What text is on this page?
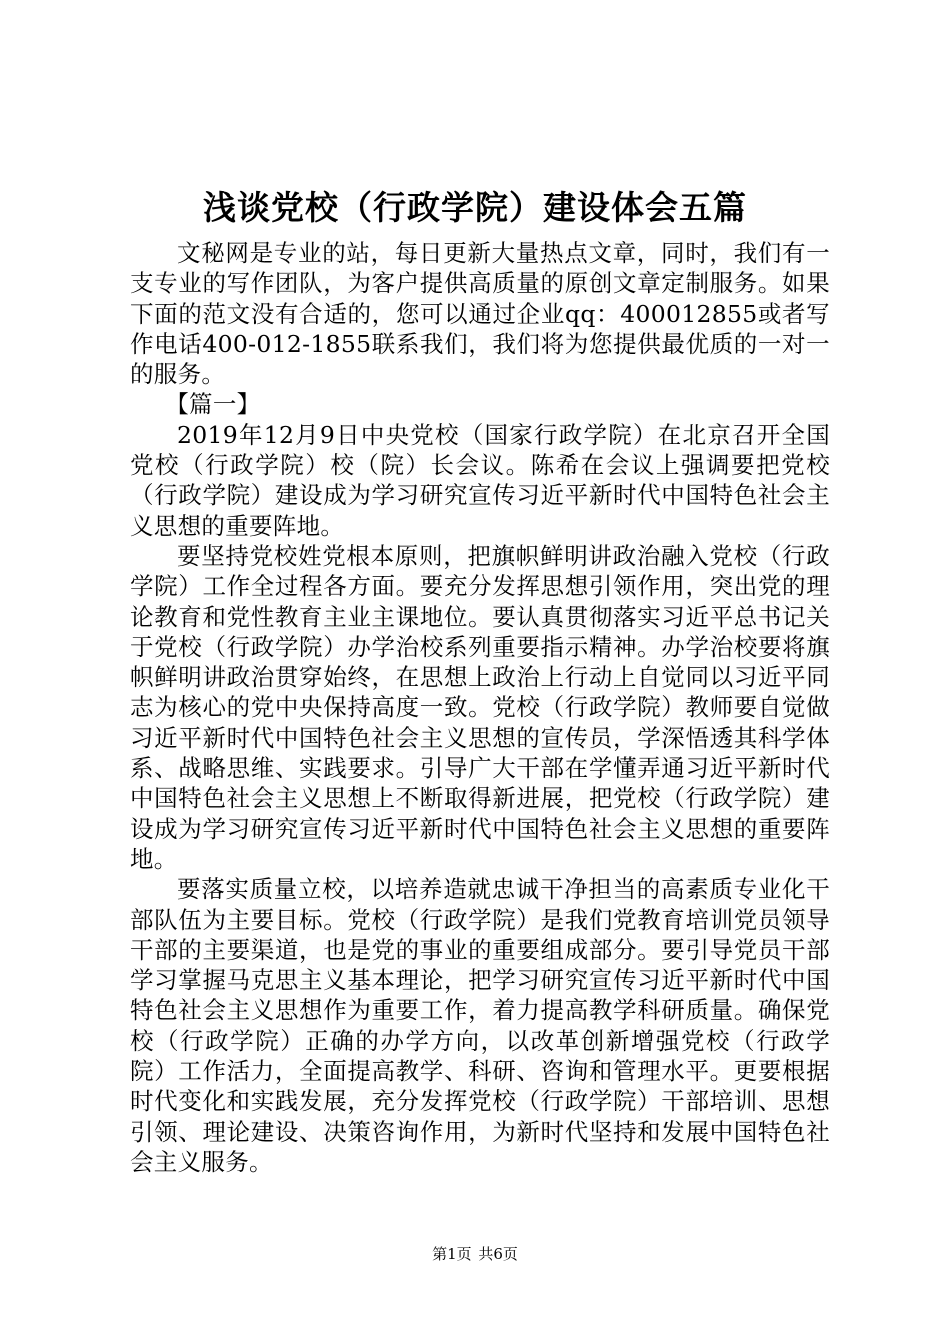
浅谈党校（行政学院）建设体会五篇

文秘网是专业的站，每日更新大量热点文章，同时，我们有一支专业的写作团队，为客户提供高质量的原创文章定制服务。如果下面的范文没有合适的，您可以通过企业qq：400012855或者写作电话400-012-1855联系我们，我们将为您提供最优质的一对一的服务。

【篇一】

2019年12月9日中央党校（国家行政学院）在北京召开全国党校（行政学院）校（院）长会议。陈希在会议上强调要把党校（行政学院）建设成为学习研究宣传习近平新时代中国特色社会主义思想的重要阵地。

要坚持党校姓党根本原则，把旗帜鲜明讲政治融入党校（行政学院）工作全过程各方面。要充分发挥思想引领作用，突出党的理论教育和党性教育主业主课地位。要认真贯彻落实习近平总书记关于党校（行政学院）办学治校系列重要指示精神。办学治校要将旗帜鲜明讲政治贯穿始终，在思想上政治上行动上自觉同以习近平同志为核心的党中央保持高度一致。党校（行政学院）教师要自觉做习近平新时代中国特色社会主义思想的宣传员，学深悟透其科学体系、战略思维、实践要求。引导广大干部在学懂弄通习近平新时代中国特色社会主义思想上不断取得新进展，把党校（行政学院）建设成为学习研究宣传习近平新时代中国特色社会主义思想的重要阵地。

要落实质量立校，以培养造就忠诚干净担当的高素质专业化干部队伍为主要目标。党校（行政学院）是我们党教育培训党员领导干部的主要渠道，也是党的事业的重要组成部分。要引导党员干部学习掌握马克思主义基本理论，把学习研究宣传习近平新时代中国特色社会主义思想作为重要工作，着力提高教学科研质量。确保党校（行政学院）正确的办学方向，以改革创新增强党校（行政学院）工作活力，全面提高教学、科研、咨询和管理水平。更要根据时代变化和实践发展，充分发挥党校（行政学院）干部培训、思想引领、理论建设、决策咨询作用，为新时代坚持和发展中国特色社会主义服务。

第1页 共6页
